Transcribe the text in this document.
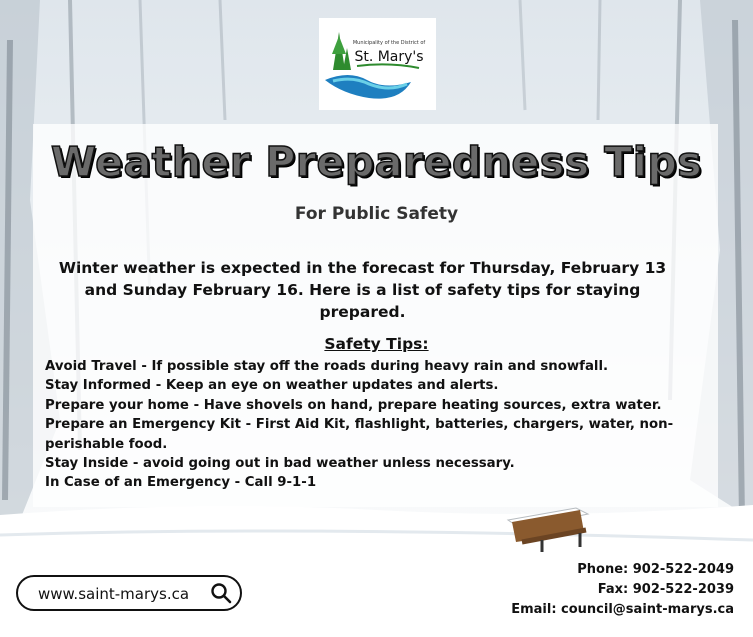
Municipality of the District of
St. Mary's
Weather Preparedness Tips
For Public Safety
Winter weather is expected in the forecast for Thursday, February 13 and Sunday February 16. Here is a list of safety tips for staying prepared.
Safety Tips:
Avoid Travel - If possible stay off the roads during heavy rain and snowfall.
Stay Informed - Keep an eye on weather updates and alerts.
Prepare your home - Have shovels on hand, prepare heating sources, extra water.
Prepare an Emergency Kit - First Aid Kit, flashlight, batteries, chargers, water, non-perishable food.
Stay Inside - avoid going out in bad weather unless necessary.
In Case of an Emergency - Call 9-1-1
www.saint-marys.ca
Phone: 902-522-2049
Fax: 902-522-2039
Email: council@saint-marys.ca
